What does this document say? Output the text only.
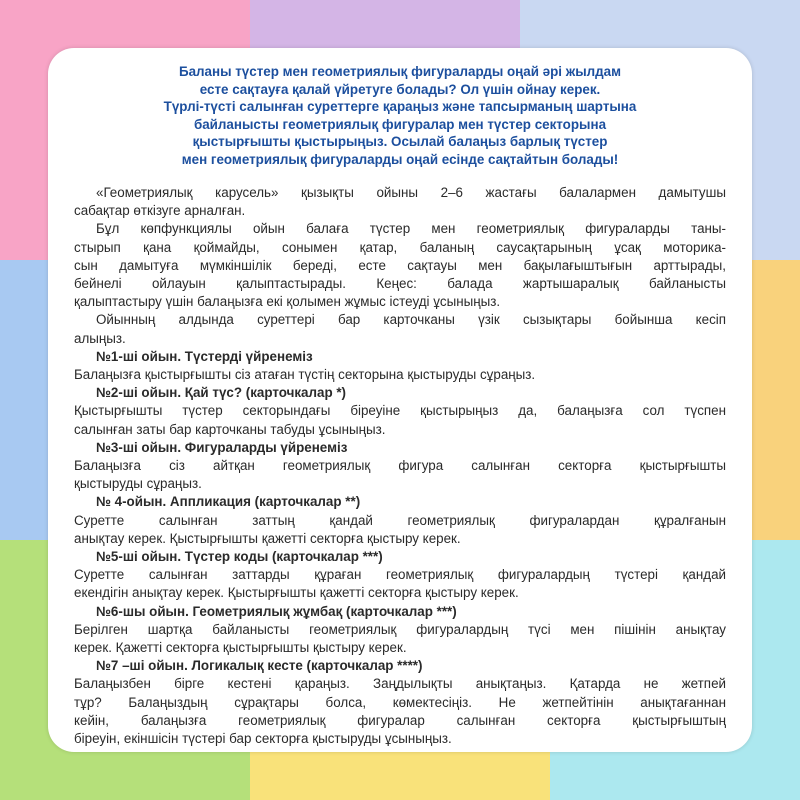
Баланы түстер мен геометриялық фигураларды оңай әрі жылдам
есте сақтауға қалай үйретуге болады? Ол үшін ойнау керек.
Түрлі-түсті салынған суреттерге қараңыз және тапсырманың шартына
байланысты геометриялық фигуралар мен түстер секторына
қыстырғышты қыстырыңыз. Осылай балаңыз барлық түстер
мен геометриялық фигураларды оңай есінде сақтайтын болады!
«Геометриялық карусель» қызықты ойыны 2–6 жастағы балалармен дамытушы
сабақтар өткізуге арналған.
Бұл көпфункциялы ойын балаға түстер мен геометриялық фигураларды таны-
стырып қана қоймайды, сонымен қатар, баланың саусақтарының ұсақ моторика-
сын дамытуға мүмкіншілік береді, есте сақтауы мен бақылағыштығын арттырады,
бейнелі ойлауын қалыптастырады. Кеңес: балада жартышаралық байланысты
қалыптастыру үшін балаңызға екі қолымен жұмыс істеуді ұсыныңыз.
Ойынның алдында суреттері бар карточканы үзік сызықтары бойынша кесіп
алыңыз.
№1-ші ойын. Түстерді үйренеміз
Балаңызға қыстырғышты сіз атаған түстің секторына қыстыруды сұраңыз.
№2-ші ойын. Қай түс? (карточкалар *)
Қыстырғышты түстер секторындағы біреуіне қыстырыңыз да, балаңызға сол түспен
салынған заты бар карточканы табуды ұсыныңыз.
№3-ші ойын. Фигураларды үйренеміз
Балаңызға сіз айтқан геометриялық фигура салынған секторға қыстырғышты
қыстыруды сұраңыз.
№ 4-ойын. Аппликация (карточкалар **)
Суретте салынған заттың қандай геометриялық фигуралардан құралғанын
анықтау керек. Қыстырғышты қажетті секторға қыстыру керек.
№5-ші ойын. Түстер коды (карточкалар ***)
Суретте салынған заттарды құраған геометриялық фигуралардың түстері қандай
екендігін анықтау керек. Қыстырғышты қажетті секторға қыстыру керек.
№6-шы ойын. Геометриялық жұмбақ (карточкалар ***)
Берілген шартқа байланысты геометриялық фигуралардың түсі мен пішінін анықтау
керек. Қажетті секторға қыстырғышты қыстыру керек.
№7 –ші ойын. Логикалық кесте (карточкалар ****)
Балаңызбен бірге кестені қараңыз. Заңдылықты анықтаңыз. Қатарда не жетпей
тұр? Балаңыздың сұрақтары болса, көмектесіңіз. Не жетпейтінін анықтағаннан
кейін, балаңызға геометриялық фигуралар салынған секторға қыстырғыштың
біреуін, екіншісін түстері бар секторға қыстыруды ұсыныңыз.
